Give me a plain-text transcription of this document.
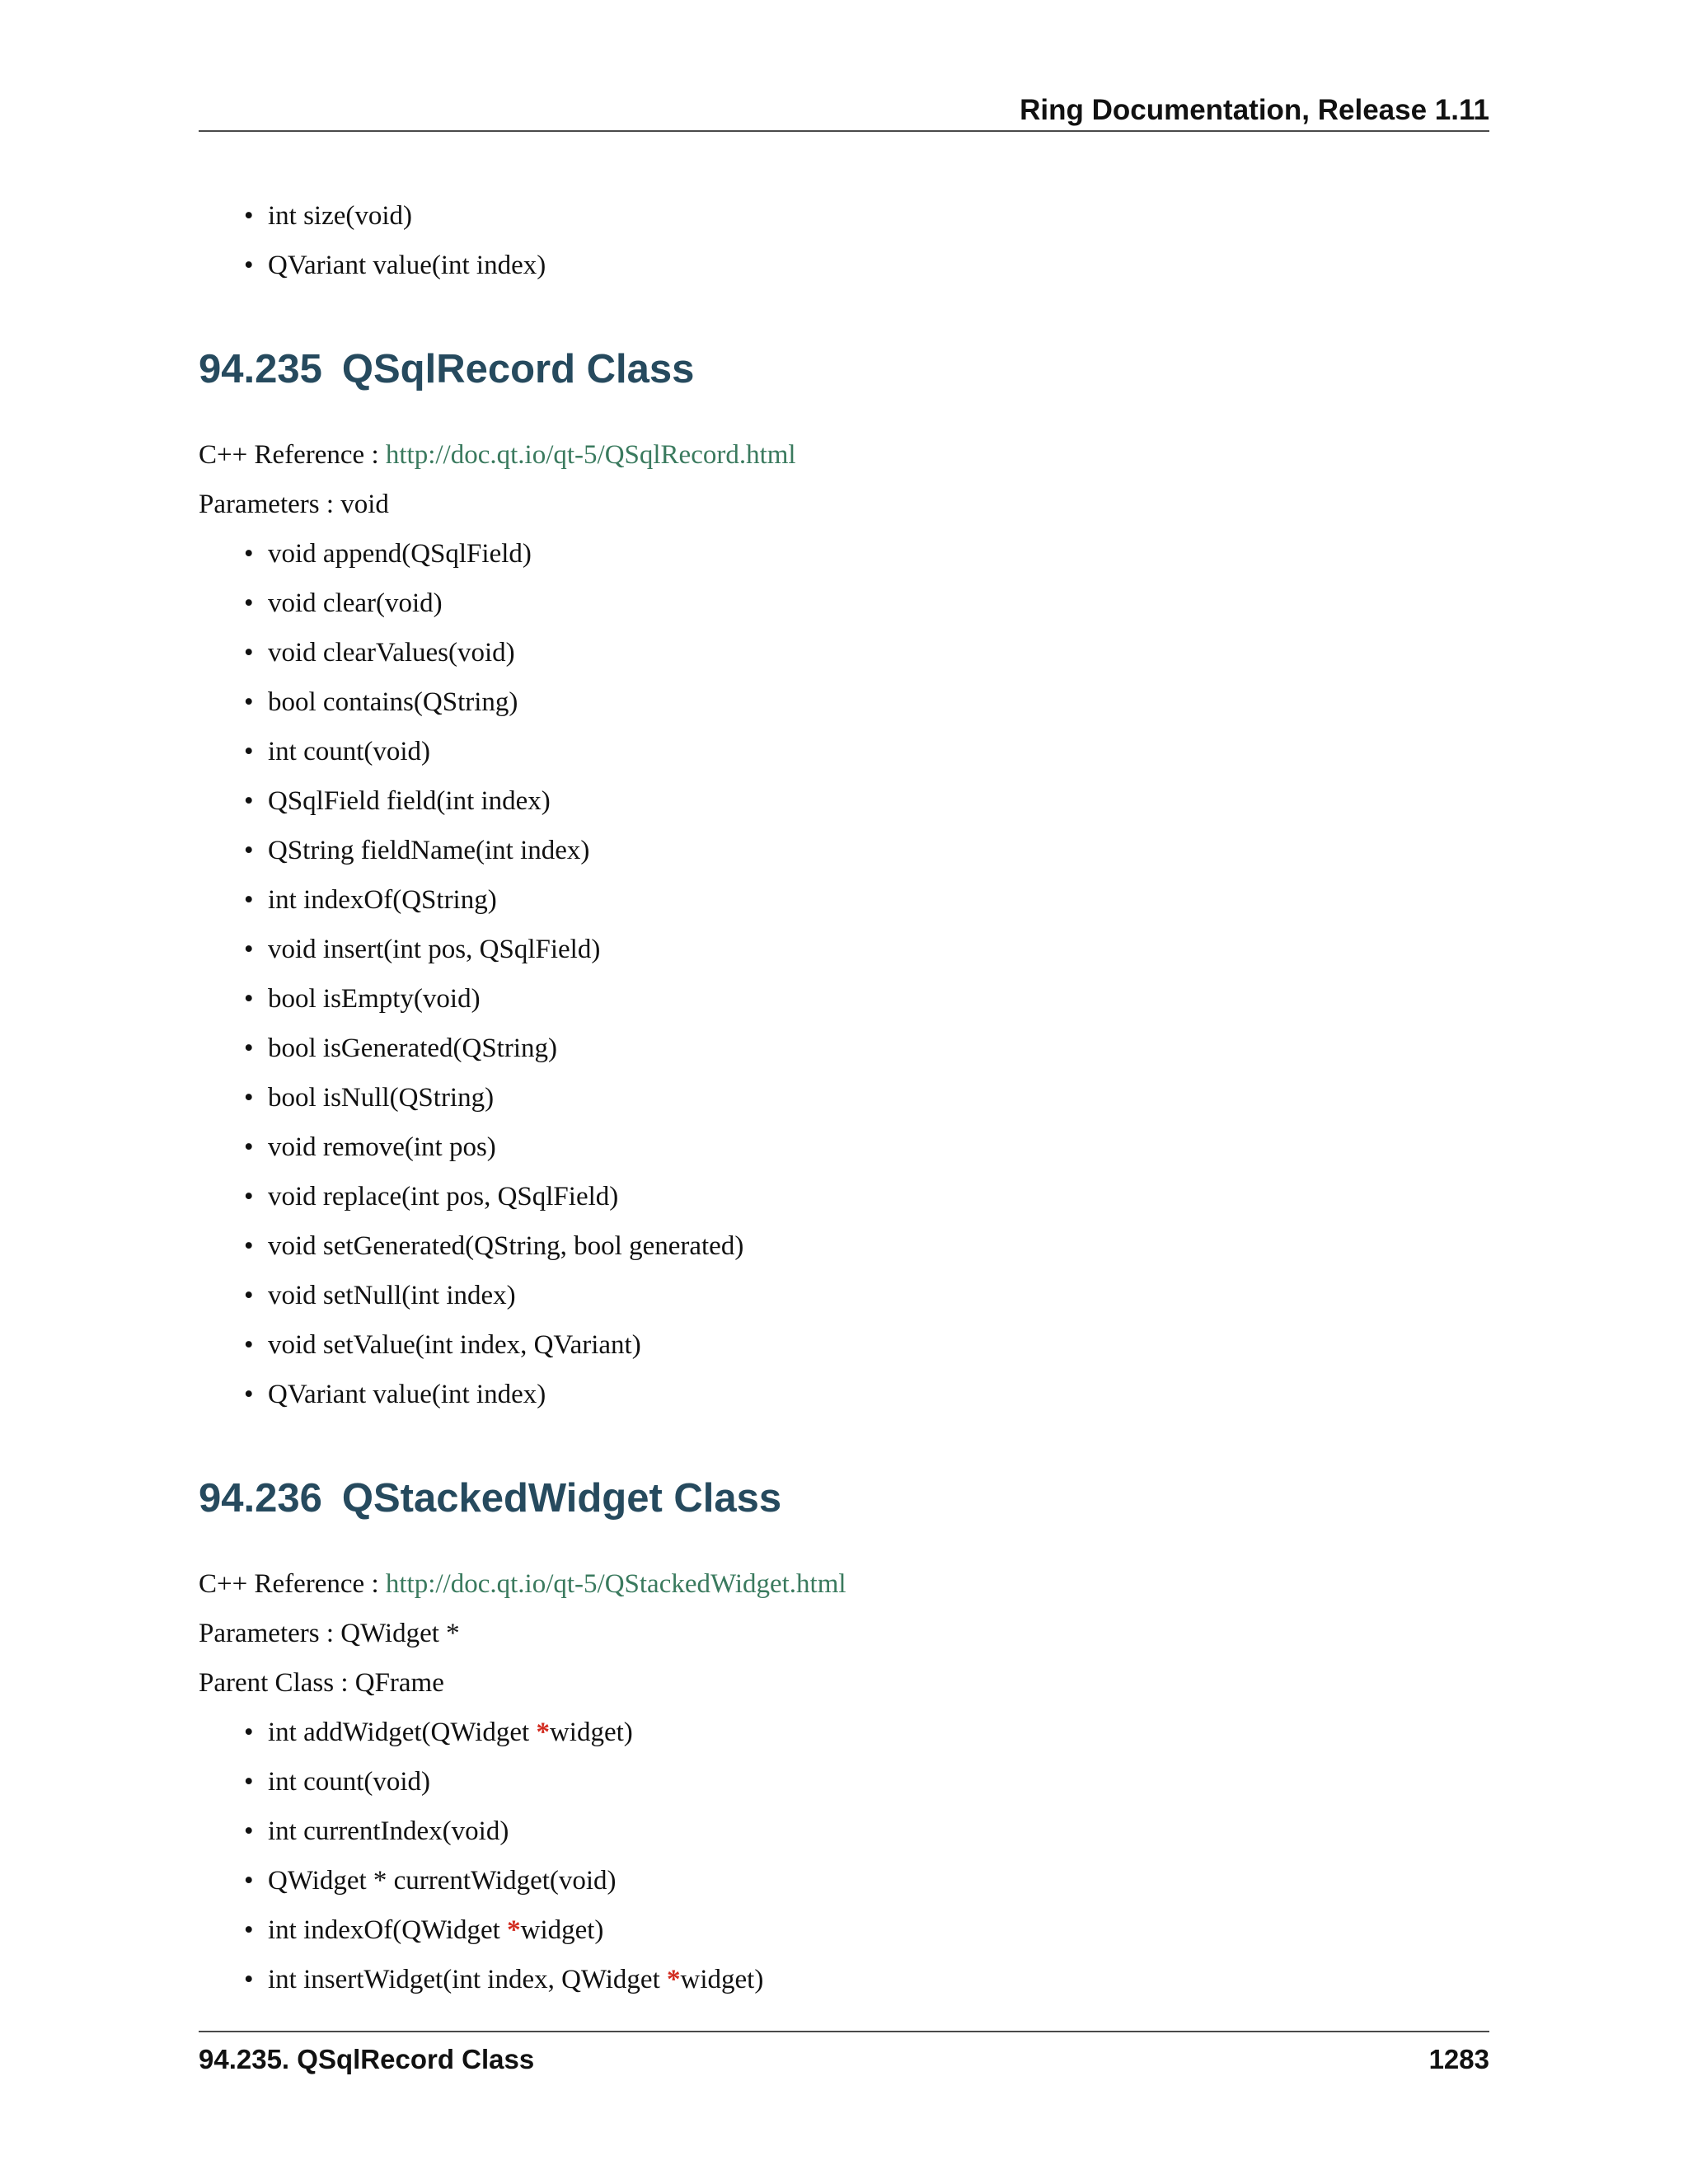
Ring Documentation, Release 1.11
• int size(void)
• QVariant value(int index)
94.235 QSqlRecord Class
C++ Reference : http://doc.qt.io/qt-5/QSqlRecord.html
Parameters : void
• void append(QSqlField)
• void clear(void)
• void clearValues(void)
• bool contains(QString)
• int count(void)
• QSqlField field(int index)
• QString fieldName(int index)
• int indexOf(QString)
• void insert(int pos, QSqlField)
• bool isEmpty(void)
• bool isGenerated(QString)
• bool isNull(QString)
• void remove(int pos)
• void replace(int pos, QSqlField)
• void setGenerated(QString, bool generated)
• void setNull(int index)
• void setValue(int index, QVariant)
• QVariant value(int index)
94.236 QStackedWidget Class
C++ Reference : http://doc.qt.io/qt-5/QStackedWidget.html
Parameters : QWidget *
Parent Class : QFrame
• int addWidget(QWidget *widget)
• int count(void)
• int currentIndex(void)
• QWidget * currentWidget(void)
• int indexOf(QWidget *widget)
• int insertWidget(int index, QWidget *widget)
94.235. QSqlRecord Class	1283
